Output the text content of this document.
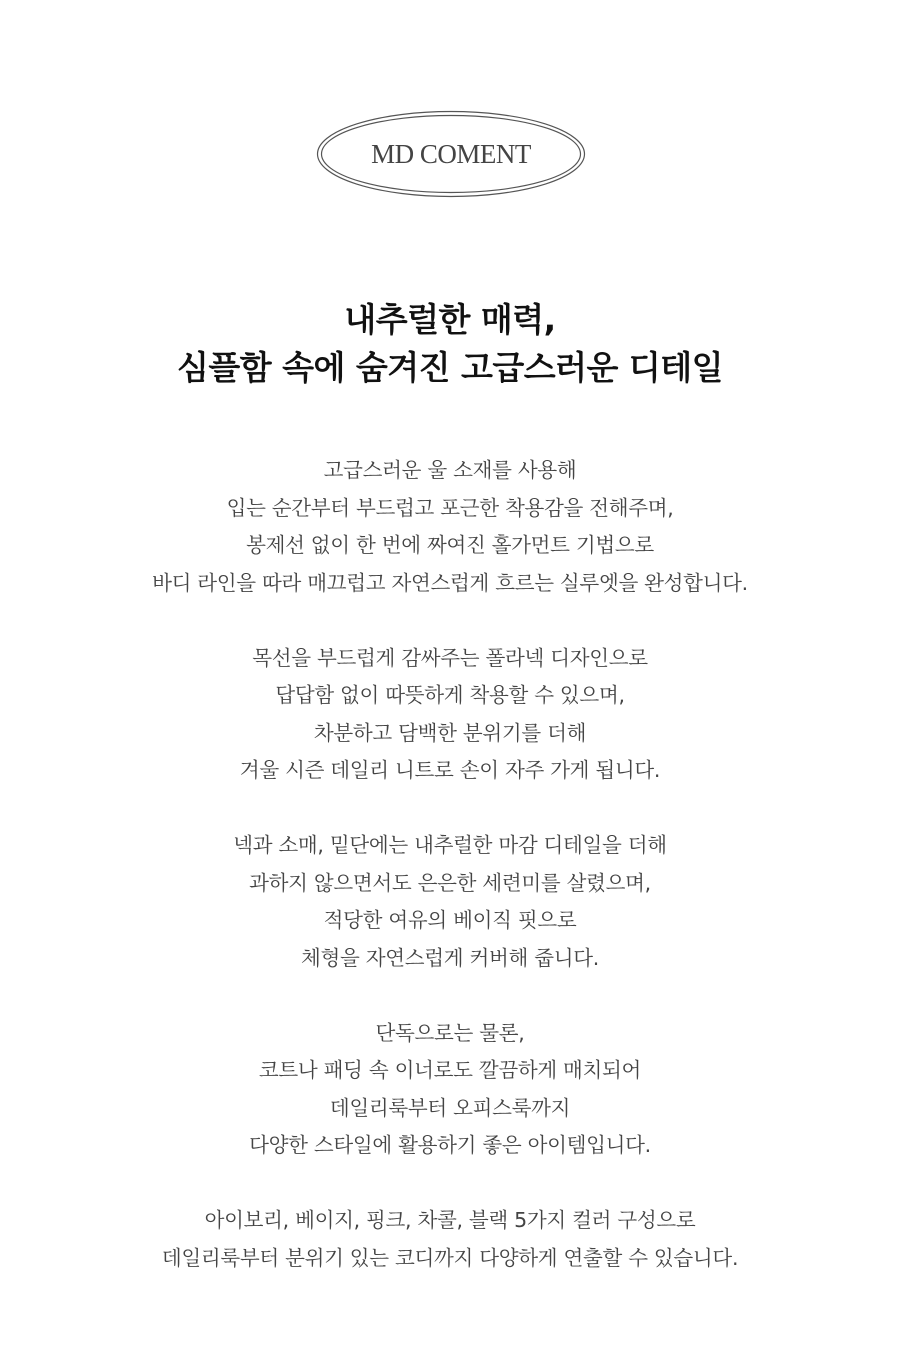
MD COMENT
내추럴한 매력,
심플함 속에 숨겨진 고급스러운 디테일
고급스러운 울 소재를 사용해
입는 순간부터 부드럽고 포근한 착용감을 전해주며,
봉제선 없이 한 번에 짜여진 홀가먼트 기법으로
바디 라인을 따라 매끄럽고 자연스럽게 흐르는 실루엣을 완성합니다.
목선을 부드럽게 감싸주는 폴라넥 디자인으로
답답함 없이 따뜻하게 착용할 수 있으며,
차분하고 담백한 분위기를 더해
겨울 시즌 데일리 니트로 손이 자주 가게 됩니다.
넥과 소매, 밑단에는 내추럴한 마감 디테일을 더해
과하지 않으면서도 은은한 세련미를 살렸으며,
적당한 여유의 베이직 핏으로
체형을 자연스럽게 커버해 줍니다.
단독으로는 물론,
코트나 패딩 속 이너로도 깔끔하게 매치되어
데일리룩부터 오피스룩까지
다양한 스타일에 활용하기 좋은 아이템입니다.
아이보리, 베이지, 핑크, 차콜, 블랙 5가지 컬러 구성으로
데일리룩부터 분위기 있는 코디까지 다양하게 연출할 수 있습니다.
